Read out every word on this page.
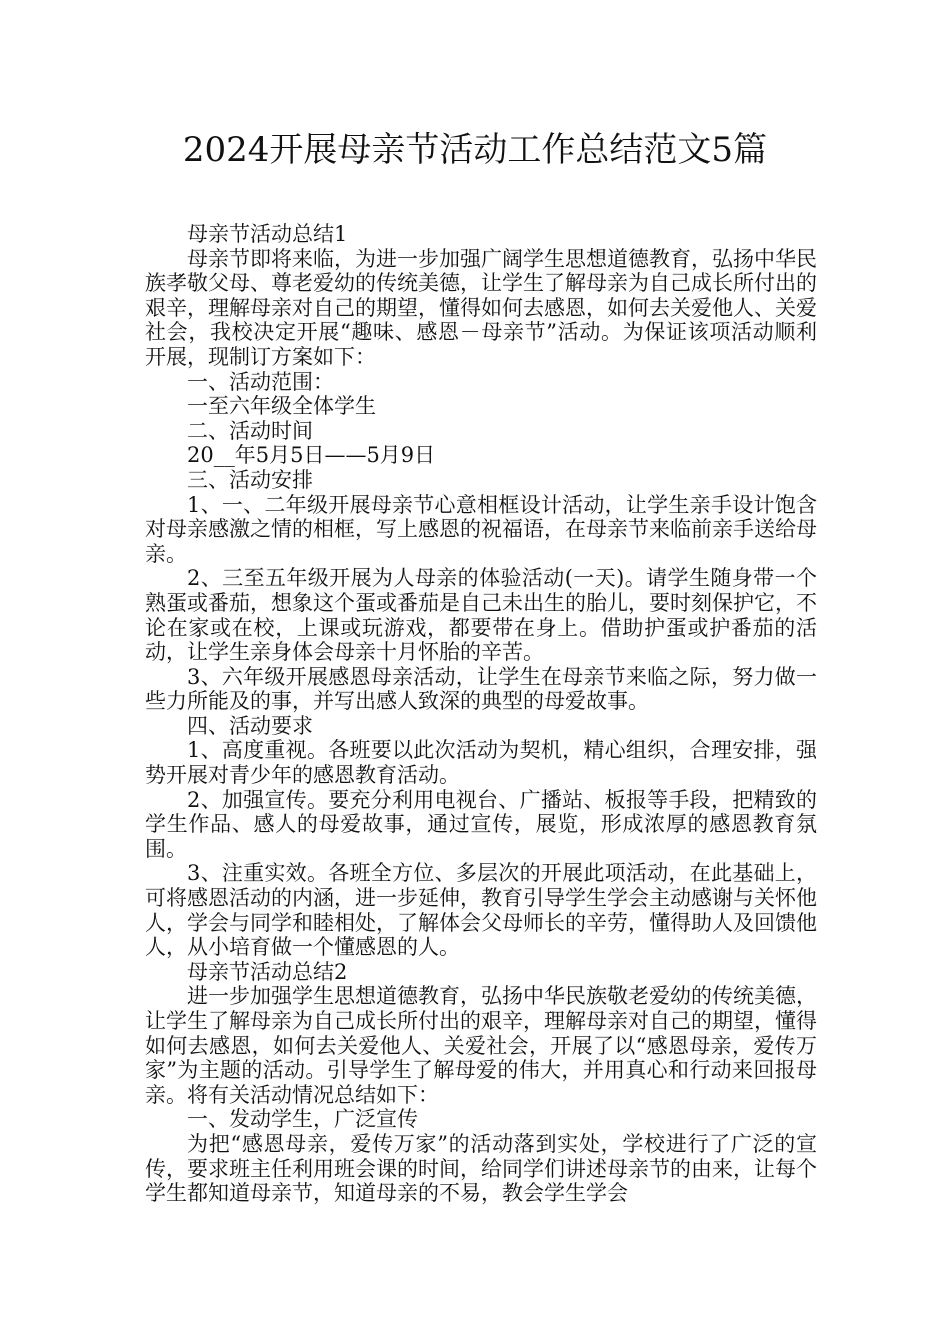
2024开展母亲节活动工作总结范文5篇

母亲节活动总结1

母亲节即将来临，为进一步加强广阔学生思想道德教育，弘扬中华民族孝敬父母、尊老爱幼的传统美德，让学生了解母亲为自己成长所付出的艰辛，理解母亲对自己的期望，懂得如何去感恩，如何去关爱他人、关爱社会，我校决定开展“趣味、感恩－母亲节”活动。为保证该项活动顺利开展，现制订方案如下：

一、活动范围：

一至六年级全体学生

二、活动时间

20__年5月5日——5月9日

三、活动安排

1、一、二年级开展母亲节心意相框设计活动，让学生亲手设计饱含对母亲感激之情的相框，写上感恩的祝福语，在母亲节来临前亲手送给母亲。

2、三至五年级开展为人母亲的体验活动(一天)。请学生随身带一个熟蛋或番茄，想象这个蛋或番茄是自己未出生的胎儿，要时刻保护它，不论在家或在校，上课或玩游戏，都要带在身上。借助护蛋或护番茄的活动，让学生亲身体会母亲十月怀胎的辛苦。

3、六年级开展感恩母亲活动，让学生在母亲节来临之际，努力做一些力所能及的事，并写出感人致深的典型的母爱故事。

四、活动要求

1、高度重视。各班要以此次活动为契机，精心组织，合理安排，强势开展对青少年的感恩教育活动。

2、加强宣传。要充分利用电视台、广播站、板报等手段，把精致的学生作品、感人的母爱故事，通过宣传，展览，形成浓厚的感恩教育氛围。

3、注重实效。各班全方位、多层次的开展此项活动，在此基础上，可将感恩活动的内涵，进一步延伸，教育引导学生学会主动感谢与关怀他人，学会与同学和睦相处，了解体会父母师长的辛劳，懂得助人及回馈他人，从小培育做一个懂感恩的人。

母亲节活动总结2

进一步加强学生思想道德教育，弘扬中华民族敬老爱幼的传统美德，让学生了解母亲为自己成长所付出的艰辛，理解母亲对自己的期望，懂得如何去感恩，如何去关爱他人、关爱社会，开展了以“感恩母亲，爱传万家”为主题的活动。引导学生了解母爱的伟大，并用真心和行动来回报母亲。将有关活动情况总结如下：

一、发动学生，广泛宣传

为把“感恩母亲，爱传万家”的活动落到实处，学校进行了广泛的宣传，要求班主任利用班会课的时间，给同学们讲述母亲节的由来，让每个学生都知道母亲节，知道母亲的不易，教会学生学会
